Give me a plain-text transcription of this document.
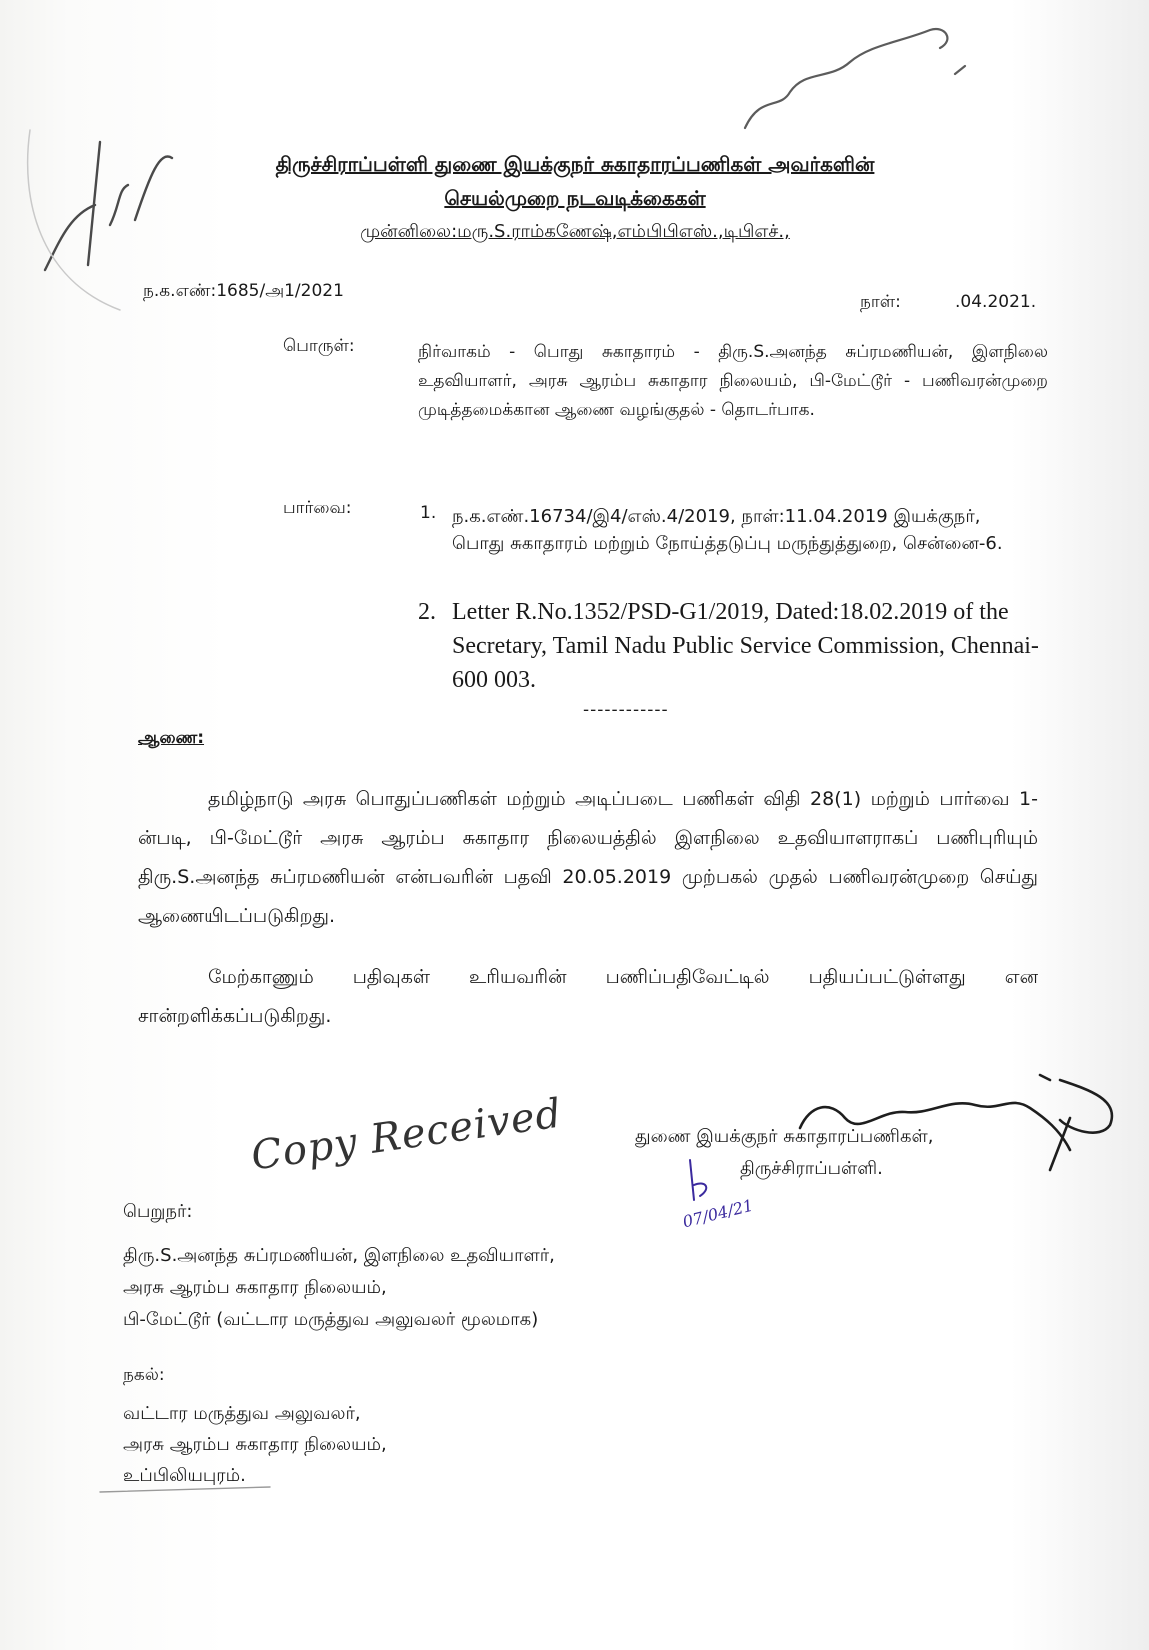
திருச்சிராப்பள்ளி துணை இயக்குநர் சுகாதாரப்பணிகள் அவர்களின்
செயல்முறை நடவடிக்கைகள்
முன்னிலை:மரு.S.ராம்கணேஷ்,எம்பிபிஎஸ்.,டிபிஎச்.,
ந.க.எண்:1685/அ1/2021
நாள்:	.04.2021.
பொருள்:	நிர்வாகம் - பொது சுகாதாரம் - திரு.S.அனந்த சுப்ரமணியன், இளநிலை உதவியாளர், அரசு ஆரம்ப சுகாதார நிலையம், பி-மேட்டூர் - பணிவரன்முறை முடித்தமைக்கான ஆணை வழங்குதல் - தொடர்பாக.
பார்வை:	1. ந.க.எண்.16734/இ4/எஸ்.4/2019, நாள்:11.04.2019 இயக்குநர், பொது சுகாதாரம் மற்றும் நோய்த்தடுப்பு மருந்துத்துறை, சென்னை-6.
2. Letter R.No.1352/PSD-G1/2019, Dated:18.02.2019 of the Secretary, Tamil Nadu Public Service Commission, Chennai-600 003.
------------
ஆணை:
தமிழ்நாடு அரசு பொதுப்பணிகள் மற்றும் அடிப்படை பணிகள் விதி 28(1) மற்றும் பார்வை 1-ன்படி, பி-மேட்டூர் அரசு ஆரம்ப சுகாதார நிலையத்தில் இளநிலை உதவியாளராகப் பணிபுரியும் திரு.S.அனந்த சுப்ரமணியன் என்பவரின் பதவி 20.05.2019 முற்பகல் முதல் பணிவரன்முறை செய்து ஆணையிடப்படுகிறது.
மேற்காணும் பதிவுகள் உரியவரின் பணிப்பதிவேட்டில் பதியப்பட்டுள்ளது என சான்றளிக்கப்படுகிறது.
துணை இயக்குநர் சுகாதாரப்பணிகள்,
திருச்சிராப்பள்ளி.
Copy Received
07/04/21
பெறுநர்:
திரு.S.அனந்த சுப்ரமணியன், இளநிலை உதவியாளர்,
அரசு ஆரம்ப சுகாதார நிலையம்,
பி-மேட்டூர் (வட்டார மருத்துவ அலுவலர் மூலமாக)
நகல்:
வட்டார மருத்துவ அலுவலர்,
அரசு ஆரம்ப சுகாதார நிலையம்,
உப்பிலியபுரம்.
